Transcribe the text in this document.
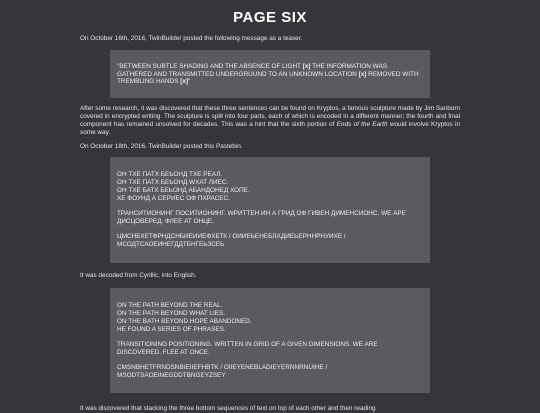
PAGE SIX
On October 16th, 2016, TwinBuilder posted the following message as a teaser.
"BETWEEN SUBTLE SHADING AND THE ABSENCE OF LIGHT [x] THE INFORMATION WAS GATHERED AND TRANSMITTED UNDERGRUUND TO AN UNKNOWN LOCATION [x] REMOVED WITH TREMBLING HANDS [x]"
After some research, it was discovered that these three sentences can be found on Kryptos, a famous sculpture made by Jim Sanborn covered in encrypted writing. The sculpture is split into four parts, each of which is encoded in a different manner; the fourth and final component has remained unsolved for decades. This was a hint that the sixth portion of Ends of the Earth would involve Kryptos in some way.
On October 18th, 2016, TwinBuilder posted this Pastebin.
ОН ТХЕ ПАТХ БЕЬОНД ТХЕ РЕАЛ.
ОН ТХЕ ПАТХ БЕЬОНД WХАТ ЛИЕС.
ОН ТХЕ БАТХ БЕЬОНД АБАНДОНЕД ХОПЕ.
ХЕ ФОУНД А СЕРИЕС ОФ ПХРАСЕС.
ТРАНСИТИОНИНГ ПОСИТИОНИНГ. WРИТТЕН ИН А ГРИД ОФ ГИВЕН ДИМЕНСИОНС. WЕ АРЕ ДИСЦОВЕРЕД. ФЛЕЕ АТ ОНЦЕ.
ЦМСНБХЕТФРНДСНБИЕИИЕФХБТК / ОИИЕЬЕНЕБЛАДИЕЬЕРННРНУИХЕ / МСОДТСАОЕИНЕГДДТБНГЕЬЗСЕЬ
It was decoded from Cyrillic, into English.
ON THE PATH BEYOND THE REAL.
ON THE PATH BEYOND WHAT LIES.
ON THE BATH BEYOND HOPE ABANDONED.
HE FOUND A SERIES OF PHRASES.
TRANSITIONING POSITIONING. WRITTEN IN GRID OF A GIVEN DIMENSIONS. WE ARE DISCOVERED. FLEE AT ONCE.
CMSNBHETFRNDSNBIEIIEFHBTK / OIIEYENEBLADIEYERNNRNUIHE / MSODTSAOEINEGDDTBNGEYZSEY
It was discovered that stacking the three bottom sequences of text on top of each other and then reading
